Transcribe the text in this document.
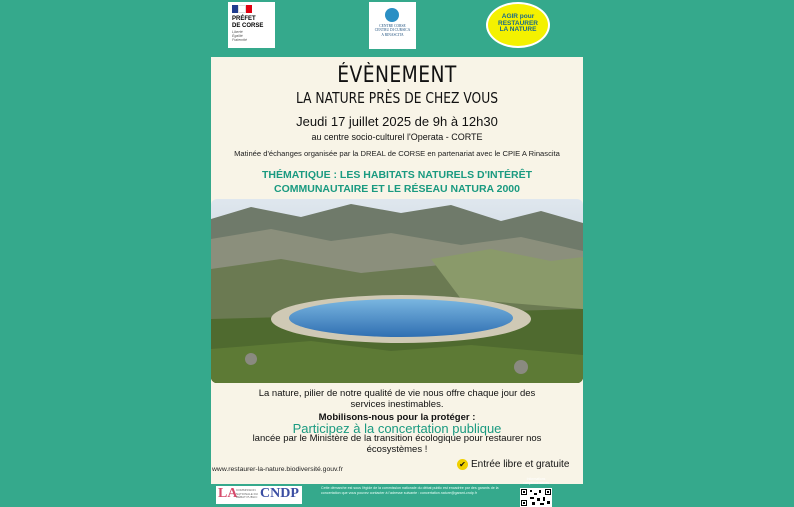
PRÉFET
DE CORSE
Liberté
Égalité
Fraternité
CENTRE CORSE
CENTRU DI CURSICA
A RINASCITA
AGIR pour
RESTAURER
LA NATURE
ÉVÈNEMENT
LA NATURE PRÈS DE CHEZ VOUS
Jeudi 17 juillet 2025 de 9h à 12h30
au centre socio-culturel l'Operata - CORTE
Matinée d'échanges organisée par la DREAL de CORSE en partenariat avec le CPIE A Rinascita
THÉMATIQUE : LES HABITATS NATURELS D'INTÉRÊT
COMMUNAUTAIRE ET LE RÉSEAU NATURA 2000
La nature, pilier de notre qualité de vie nous offre chaque jour des
services inestimables.
Mobilisons-nous pour la protéger :
Participez à la concertation publique
lancée par le Ministère de la transition écologique pour restaurer nos
écosystèmes !

www.restaurer-la-nature.biodiversité.gouv.fr

✔ Entrée libre et gratuite
LA
COMMISSION NATIONALE DU DÉBAT PUBLIC CNDP	Cette démarche est sous l'égide de la commission nationale du débat public est encadrée par des garants de la concertation que vous pouvez contacter à l'adresse suivante : concertation.nature@garant-cndp.fr
Informations complémentaires
